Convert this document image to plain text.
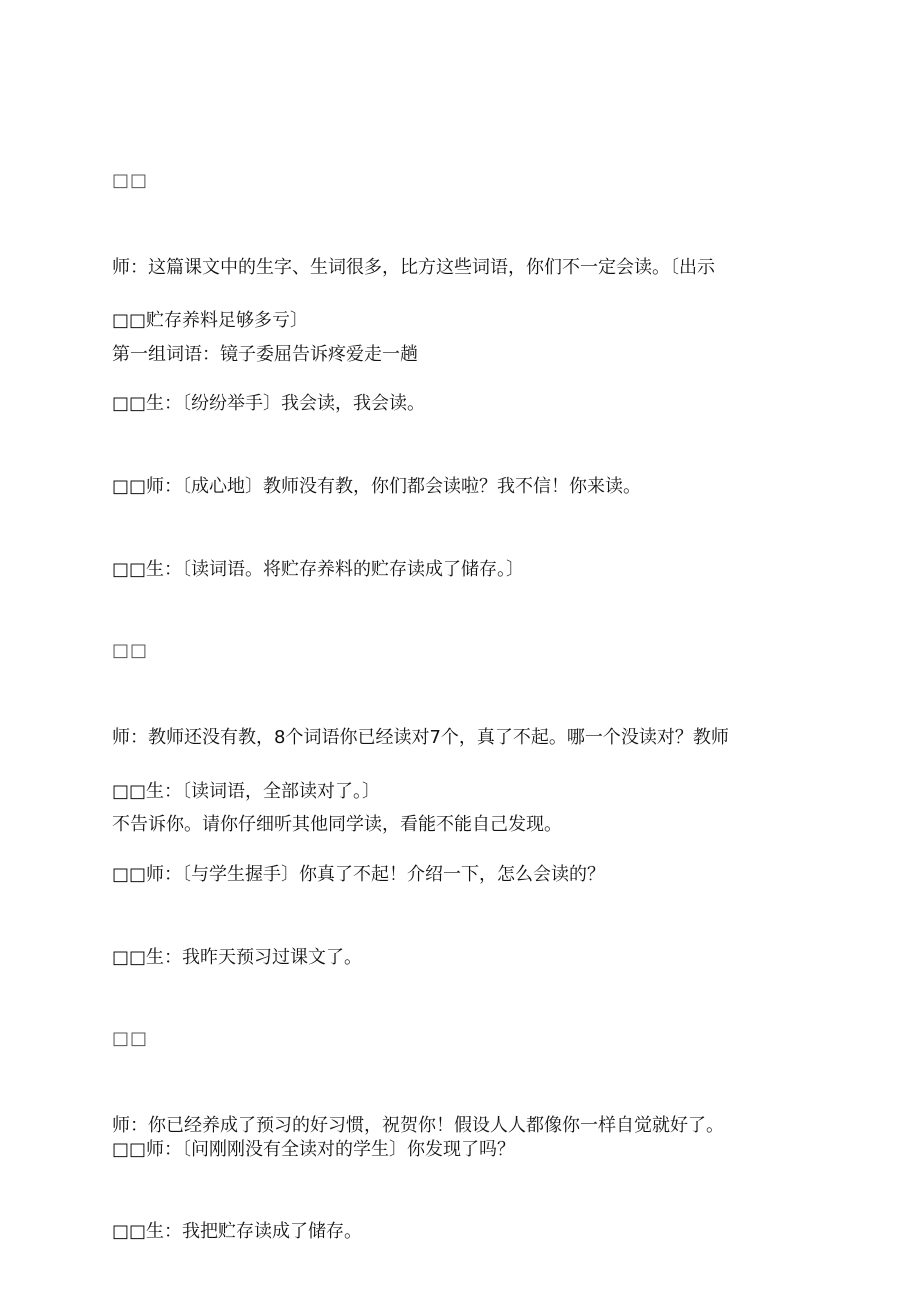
□□

师：这篇课文中的生字、生词很多，比方这些词语，你们不一定会读。〔出示

第一组词语：镜子委屈告诉疼爱走一趟

□□贮存养料足够多亏〕

□□生：〔纷纷举手〕我会读，我会读。

□□师：〔成心地〕教师没有教，你们都会读啦？我不信！你来读。

□□生：〔读词语。将贮存养料的贮存读成了储存。〕

□□

师：教师还没有教，8个词语你已经读对7个，真了不起。哪一个没读对？教师

不告诉你。请你仔细听其他同学读，看能不能自己发现。

□□生：〔读词语，全部读对了。〕

□□师：〔与学生握手〕你真了不起！介绍一下，怎么会读的？

□□生：我昨天预习过课文了。

□□

师：你已经养成了预习的好习惯，祝贺你！假设人人都像你一样自觉就好了。

□□师：〔问刚刚没有全读对的学生〕你发现了吗？

□□生：我把贮存读成了储存。
